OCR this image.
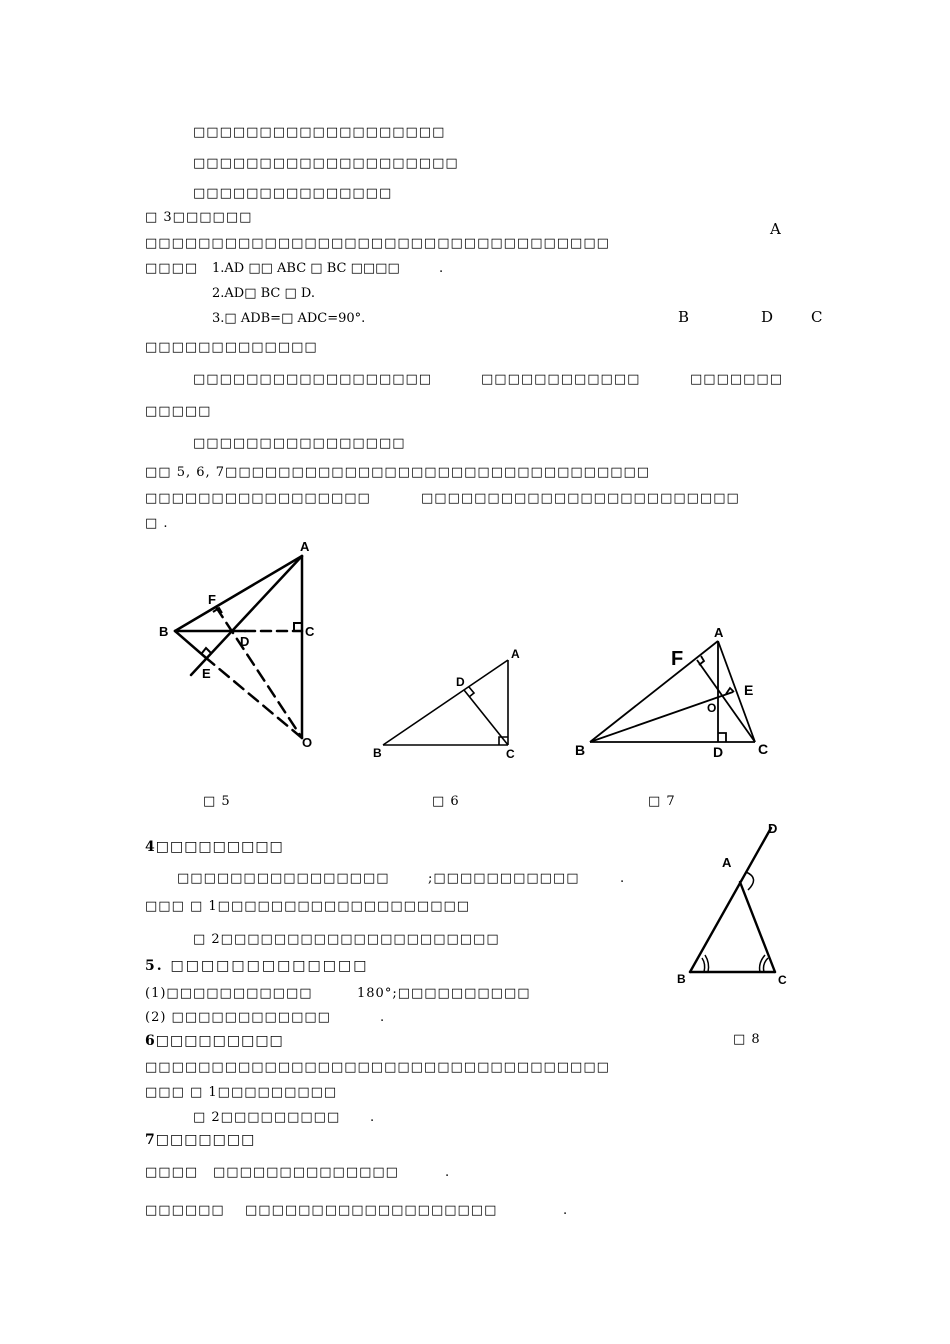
□□□□□□□□□□□□□□□□□□□
□□□□□□□□□□□□□□□□□□□□
□□□□□□□□□□□□□□□
□ 3□□□□□□
□□□□□□□□□□□□□□□□□□□□□□□□□□□□□□□□□□□
□□□□ 1.AD □□ ABC □ BC □□□□	.
2.AD□ BC □ D.
3.□ ADB=□ ADC=90°.
A
B	D C
□□□□□□□□□□□□□
□□□□□□□□□□□□□□□□□□	□□□□□□□□□□□□	□□□□□□□
□□□□□
□□□□□□□□□□□□□□□□
□□ 5, 6, 7□□□□□□□□□□□□□□□□□□□□□□□□□□□□□□□□
□□□□□□□□□□□□□□□□□	□□□□□□□□□□□□□□□□□□□□□□□□
□ .
A
B	C
D
E
F
O
A
B	C
D
A
B	C
D
E
F
O
□ 5	□ 6	□ 7
4□□□□□□□□□
□□□□□□□□□□□□□□□□	;□□□□□□□□□□□	.
□□□ □ 1□□□□□□□□□□□□□□□□□□□
□ 2□□□□□□□□□□□□□□□□□□□□□
A
B	C
D
□ 8
5. □□□□□□□□□□□□□
(1)□□□□□□□□□□□	180°;□□□□□□□□□□
(2) □□□□□□□□□□□□	.
6□□□□□□□□□
□□□□□□□□□□□□□□□□□□□□□□□□□□□□□□□□□□□
□□□ □ 1□□□□□□□□□
□ 2□□□□□□□□□ .
7□□□□□□□
□□□□ □□□□□□□□□□□□□□	.
□□□□□□ □□□□□□□□□□□□□□□□□□□	.
